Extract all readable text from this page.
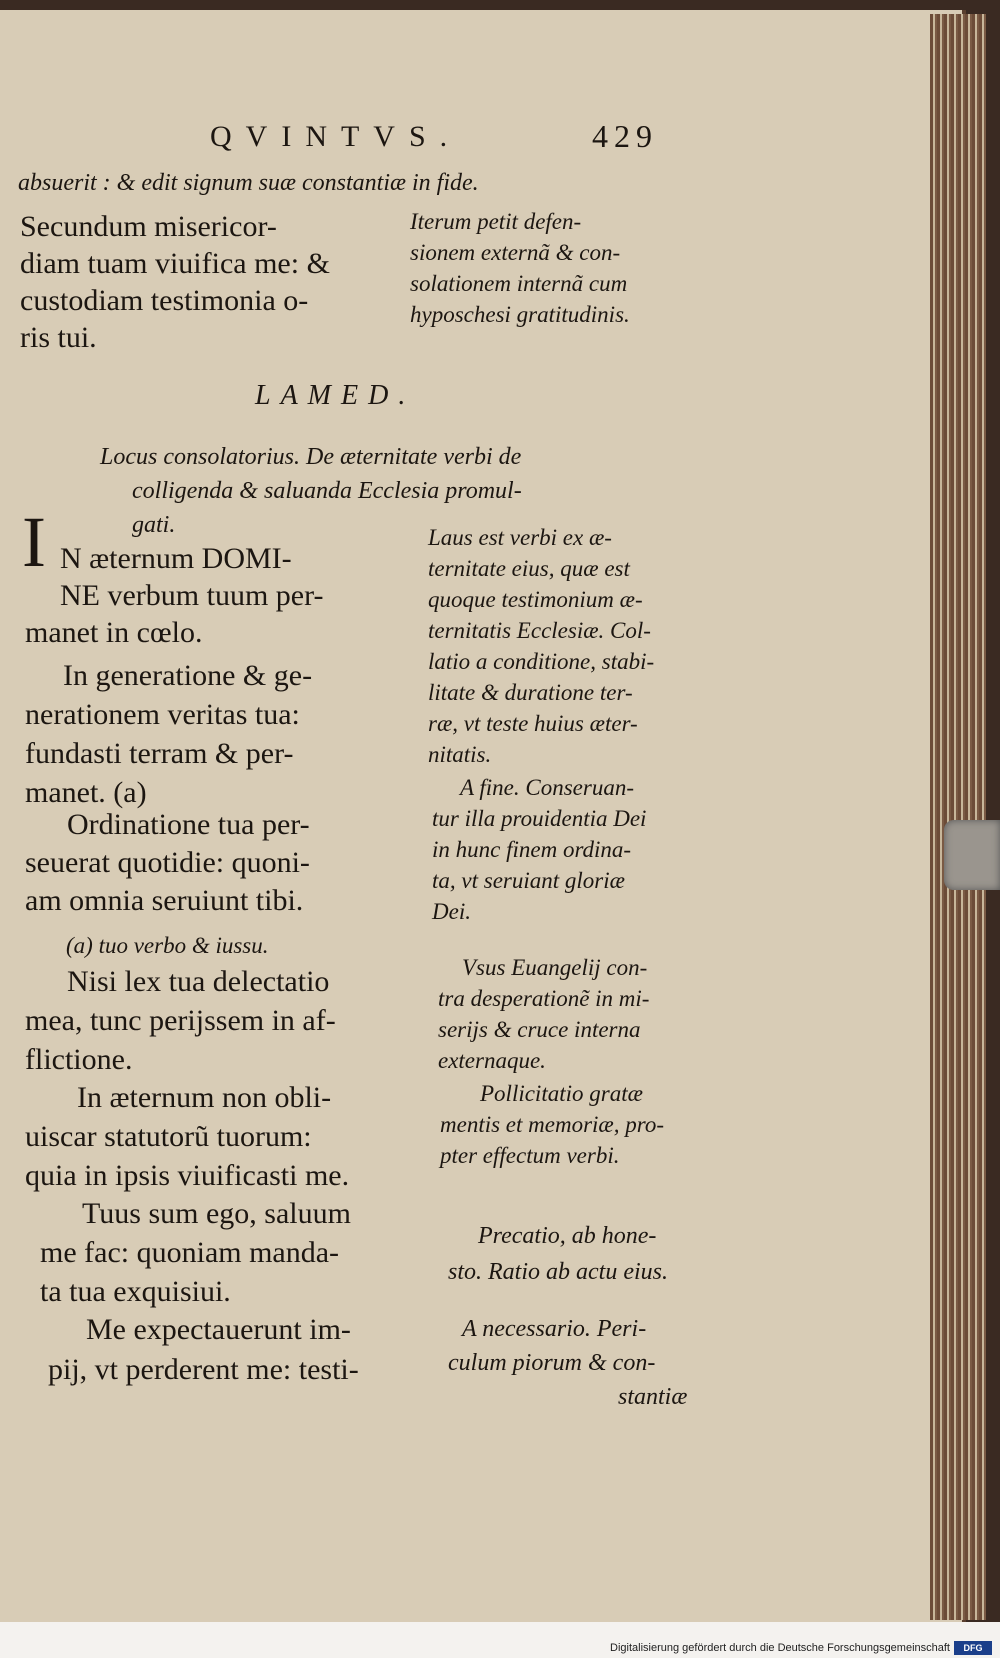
QVINTVS.	429
absuerit : & edit signum suæ constantiæ in fide.
Secundum misericor-
diam tuam viuifica me: &
custodiam testimonia o-
ris tui.
Iterum petit defen-
sionem externã & con-
solationem internã cum
hyposchesi gratitudinis.
LAMED.
Locus consolatorius. De æternitate verbi de
colligenda & saluanda Ecclesia promul-
gati.
I N æternum DOMI-
NE verbum tuum per-
manet in cœlo.
Laus est verbi ex æ-
ternitate eius, quæ est
quoque testimonium æ-
ternitatis Ecclesiæ. Col-
latio a conditione, stabi-
litate & duratione ter-
ræ, vt teste huius æter-
nitatis.
In generatione & ge-
nerationem veritas tua:
fundasti terram & per-
manet. (a)	A fine. Conseruan-
tur illa prouidentia Dei
in hunc finem ordina-
ta, vt seruiant gloriæ
Dei.
Ordinatione tua per-
seuerat quotidie: quoni-
am omnia seruiunt tibi.
(a) tuo verbo & iussu.
Nisi lex tua delectatio
mea, tunc perijssem in af-
flictione.
Vsus Euangelij con-
tra desperationẽ in mi-
serijs & cruce interna
externaque.
In æternum non obli-
uiscar statutorũ tuorum:
quia in ipsis viuificasti me.
Pollicitatio gratæ
mentis et memoriæ, pro-
pter effectum verbi.
Tuus sum ego, saluum
me fac: quoniam manda-
ta tua exquisiui.
Precatio, ab hone-
sto. Ratio ab actu eius.
Me expectauerunt im-
pij, vt perderent me: testi-
A necessario. Peri-
culum piorum & con-
stantiæ
Digitalisierung gefördert durch die Deutsche Forschungsgemeinschaft	DFG
